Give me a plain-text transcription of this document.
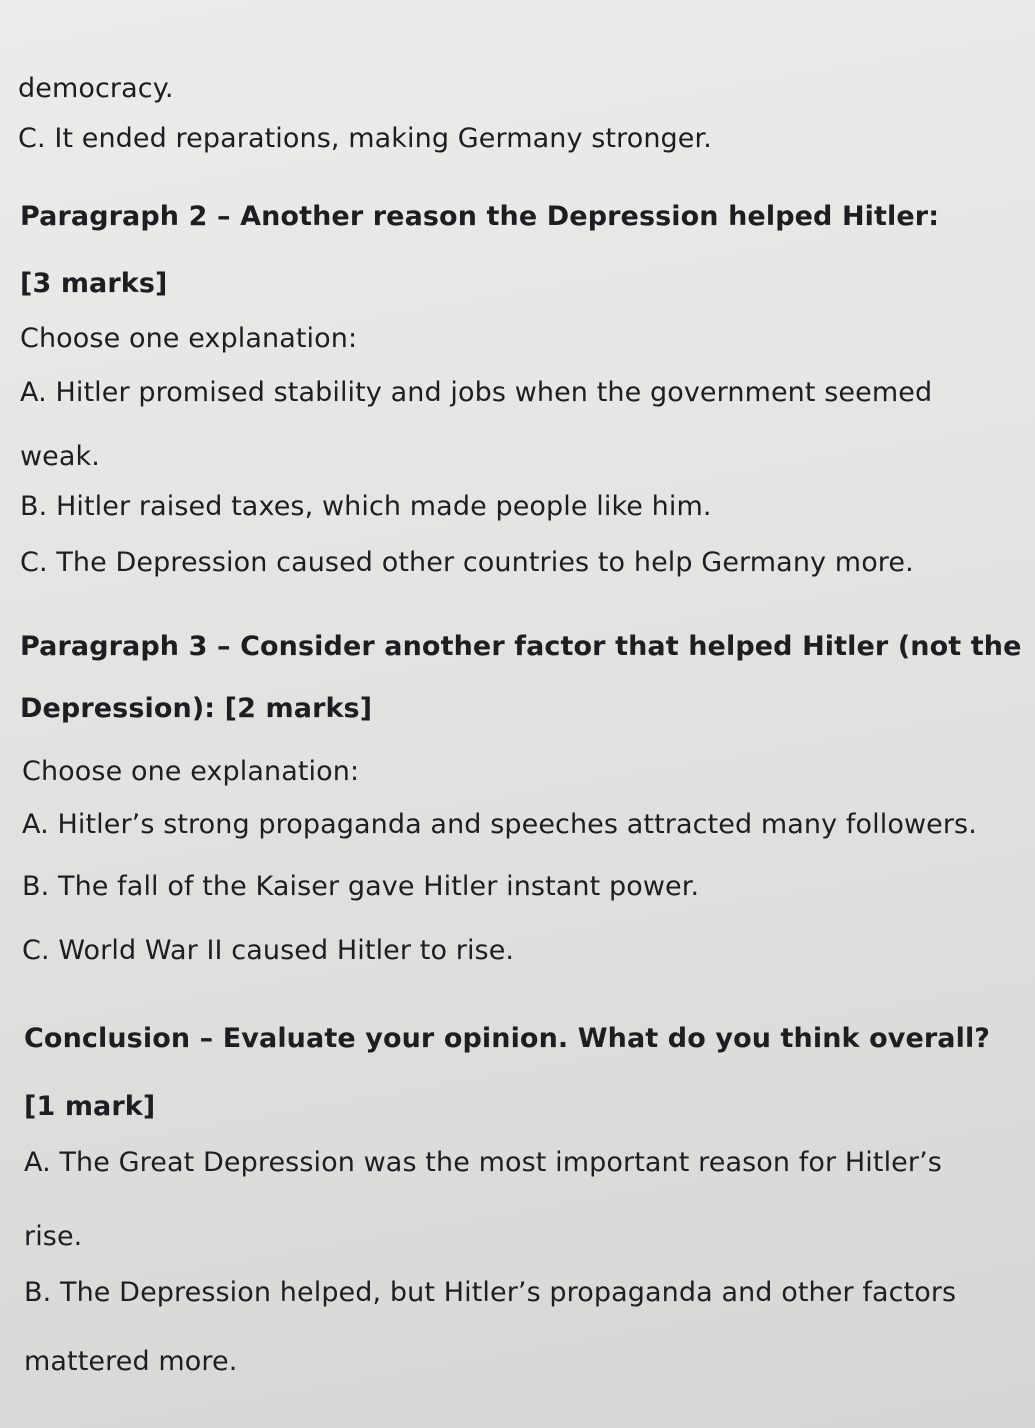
democracy.

C. It ended reparations, making Germany stronger.

Paragraph 2 – Another reason the Depression helped Hitler:

[3 marks]

Choose one explanation:

A. Hitler promised stability and jobs when the government seemed

weak.

B. Hitler raised taxes, which made people like him.

C. The Depression caused other countries to help Germany more.

Paragraph 3 – Consider another factor that helped Hitler (not the

Depression): [2 marks]

Choose one explanation:

A. Hitler’s strong propaganda and speeches attracted many followers.

B. The fall of the Kaiser gave Hitler instant power.

C. World War II caused Hitler to rise.

Conclusion – Evaluate your opinion. What do you think overall?

[1 mark]

A. The Great Depression was the most important reason for Hitler’s

rise.

B. The Depression helped, but Hitler’s propaganda and other factors

mattered more.
